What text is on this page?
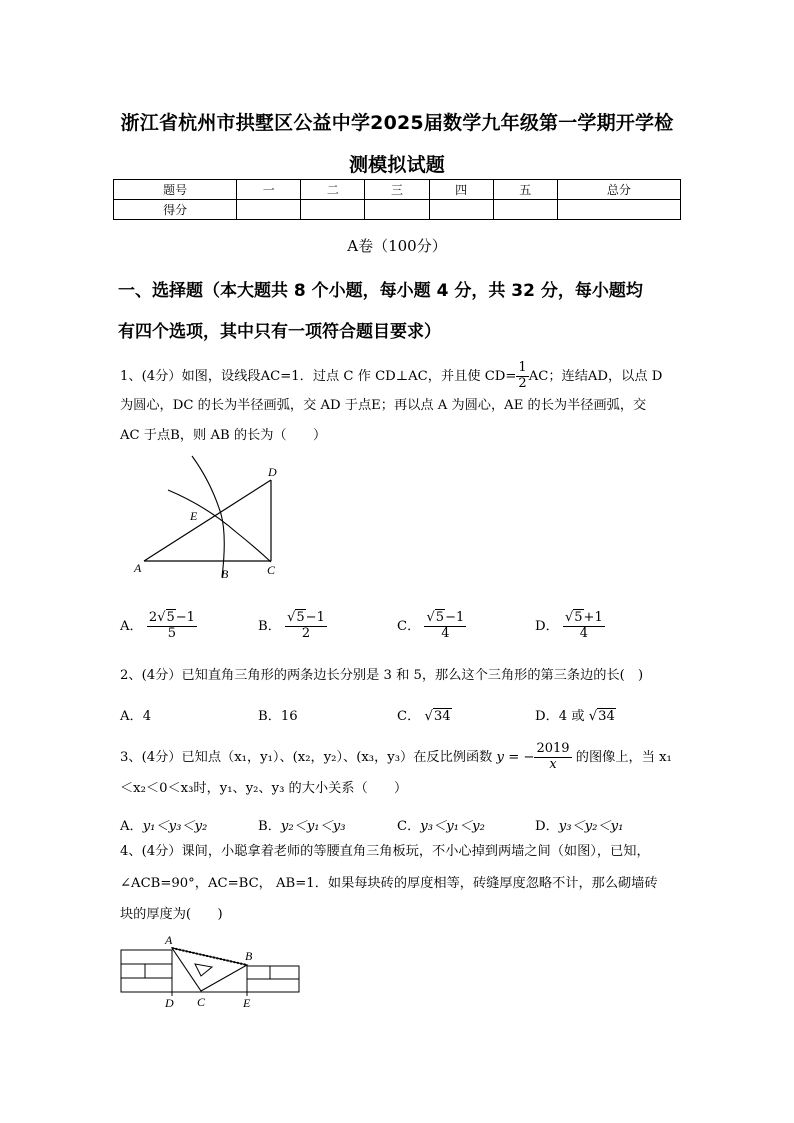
浙江省杭州市拱墅区公益中学2025届数学九年级第一学期开学检
测模拟试题
题号	一	二	三	四	五	总分
得分						
A卷（100分）
一、选择题（本大题共 8 个小题，每小题 4 分，共 32 分，每小题均
有四个选项，其中只有一项符合题目要求）
1、(4分）如图，设线段AC=1．过点 C 作 CD⊥AC，并且使 $CD= \frac{1}{2}$ AC；连结AD，以点 D
为圆心，DC 的长为半径画弧，交 AD 于点E；再以点 A 为圆心，AE 的长为半径画弧，交
AC 于点B，则 AB 的长为（　　）
D
E
A	B	C
A． $\frac{2√5-1}{5}$	B． $\frac{√5-1}{2}$	C． $\frac{√5-1}{4}$	D． $\frac{√5+1}{4}$
2、(4分）已知直角三角形的两条边长分别是 3 和 5，那么这个三角形的第三条边的长(　)
A．4	B．16	C． √34	D．4 或 √34
3、(4分）已知点（x₁，y₁）、(x₂，y₂）、(x₃，y₃）在反比例函数 y = − $\frac{2019}{x}$ 的图像上，当 x₁
＜x₂＜0＜x₃时，y₁、y₂、y₃ 的大小关系（　　）
A．y₁＜y₃＜y₂	B．y₂＜y₁＜y₃	C．y₃＜y₁＜y₂	D．y₃＜y₂＜y₁
4、(4分）课间，小聪拿着老师的等腰直角三角板玩，不小心掉到两墙之间（如图），已知，
∠ACB=90°，AC=BC， AB=1．如果每块砖的厚度相等，砖缝厚度忽略不计，那么砌墙砖
块的厚度为(　　)
A
B
D C	E
